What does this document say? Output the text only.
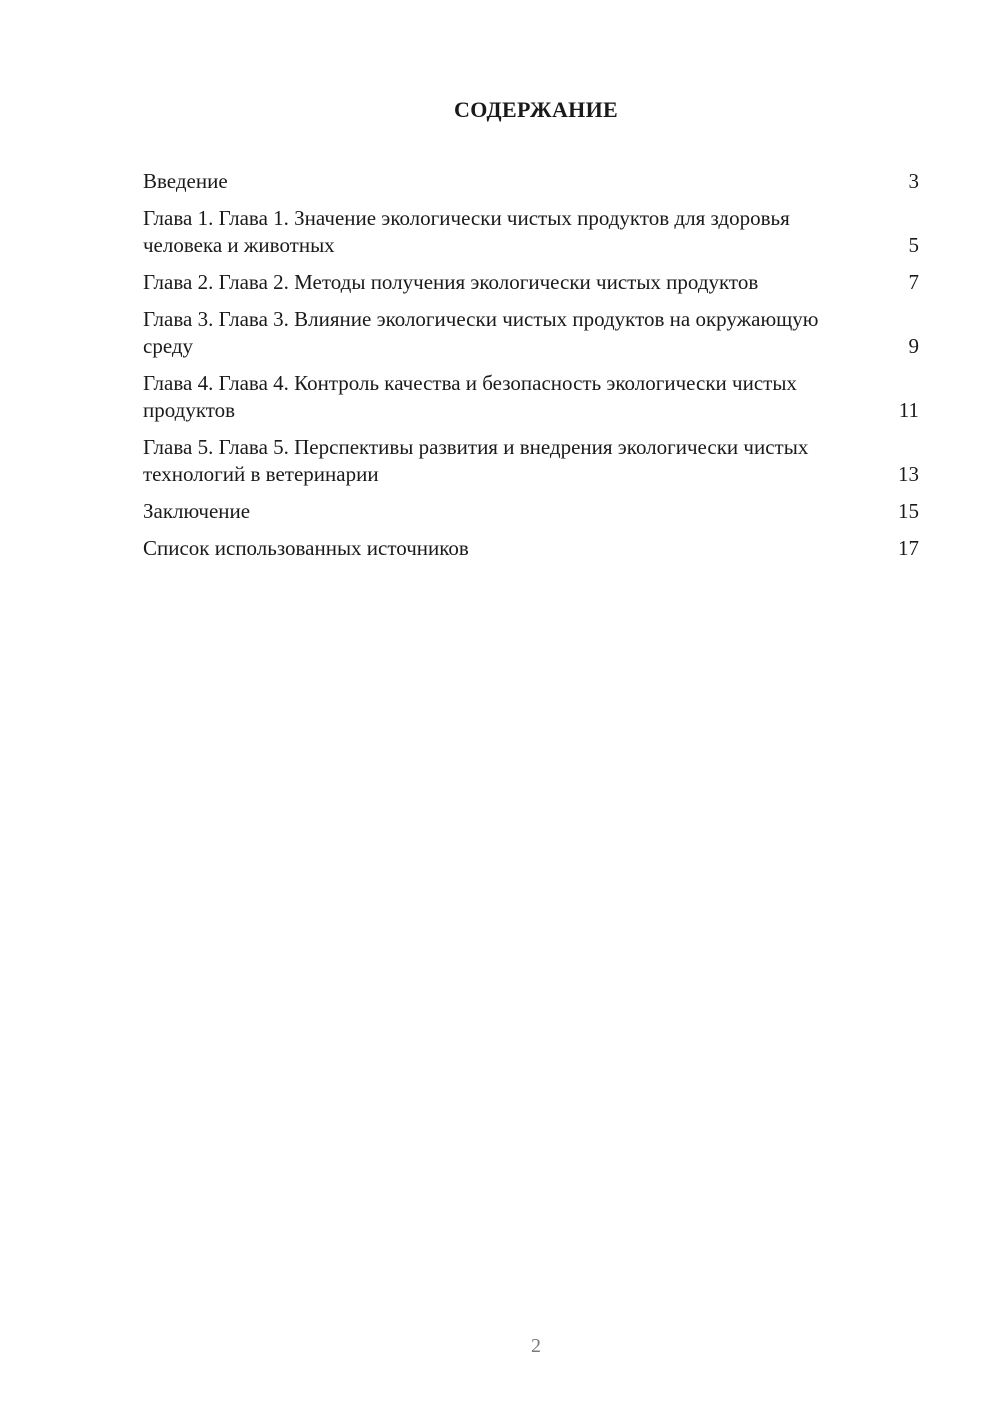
СОДЕРЖАНИЕ
Введение	3
Глава 1. Глава 1. Значение экологически чистых продуктов для здоровья человека и животных	5
Глава 2. Глава 2. Методы получения экологически чистых продуктов	7
Глава 3. Глава 3. Влияние экологически чистых продуктов на окружающую среду	9
Глава 4. Глава 4. Контроль качества и безопасность экологически чистых продуктов	11
Глава 5. Глава 5. Перспективы развития и внедрения экологически чистых технологий в ветеринарии	13
Заключение	15
Список использованных источников	17
2
